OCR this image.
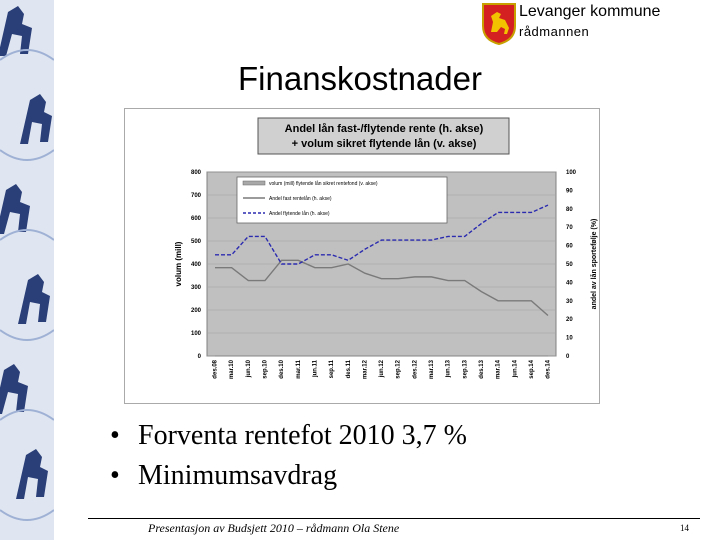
Levanger kommune
rådmannen
Finanskostnader
Andel lån fast-/flytende rente (h. akse)
+ volum sikret flytende lån (v. akse)
0
100
200
300
400
500
600
700
800
0
10
20
30
40
50
60
70
80
90
100
des.08 mar.10 jun.10 sep.10 des.10 mar.11 jun.11 sep.11 des.11 mar.12 jun.12 sep.12 des.12 mar.13 jun.13 sep.13 des.13 mar.14 jun.14 sep.14 des.14
volum (mill)	andel av lån sportefølje (%)
volum (mill) flytende lån sikret rentefond (v. akse)
Andel fast rentelån (h. akse)
Andel flytende lån (h. akse)
• Forventa rentefot 2010 3,7 %
• Minimumsavdrag
Presentasjon av Budsjett 2010 – rådmann Ola Stene	14
